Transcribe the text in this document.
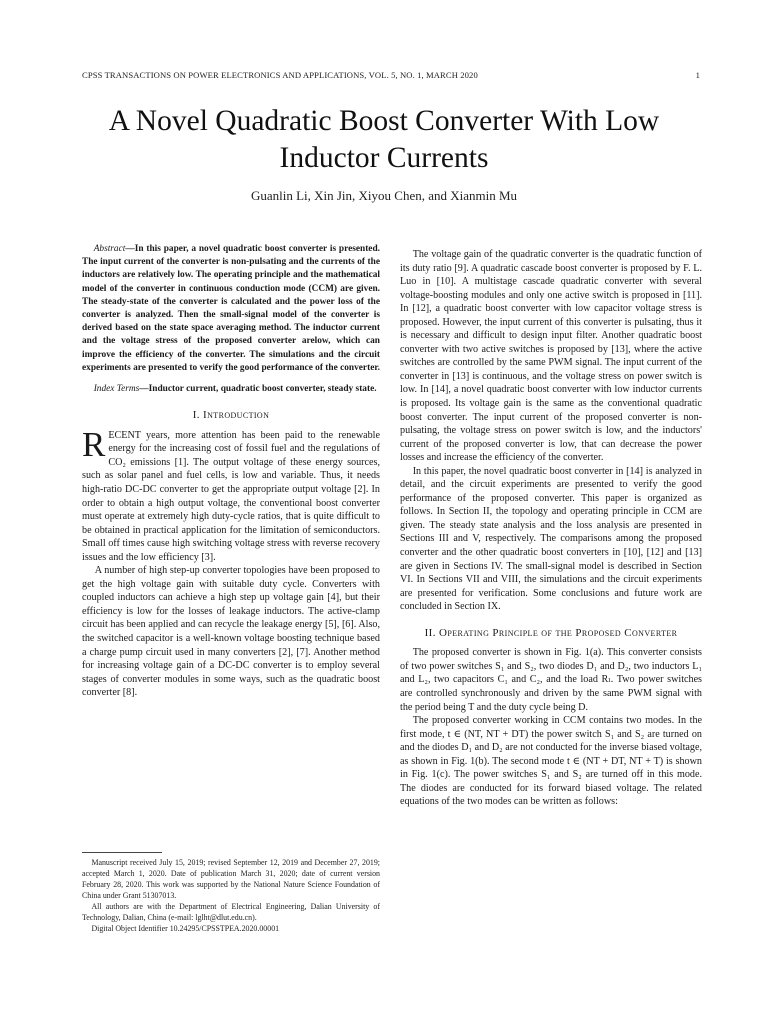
CPSS TRANSACTIONS ON POWER ELECTRONICS AND APPLICATIONS, VOL. 5, NO. 1, MARCH 2020	1
A Novel Quadratic Boost Converter With Low
Inductor Currents
Guanlin Li, Xin Jin, Xiyou Chen, and Xianmin Mu

Abstract—In this paper, a novel quadratic boost converter is presented. The input current of the converter is non-pulsating and the currents of the inductors are relatively low. The operating principle and the mathematical model of the converter in continuous conduction mode (CCM) are given. The steady-state of the converter is calculated and the power loss of the converter is analyzed. Then the small-signal model of the converter is derived based on the state space averaging method. The inductor current and the voltage stress of the proposed converter arelow, which can improve the efficiency of the converter. The simulations and the circuit experiments are presented to verify the good performance of the converter.

Index Terms—Inductor current, quadratic boost converter, steady state.

I. Introduction

RECENT years, more attention has been paid to the renewable energy for the increasing cost of fossil fuel and the regulations of CO₂ emissions [1]. The output voltage of these energy sources, such as solar panel and fuel cells, is low and variable. Thus, it needs high-ratio DC-DC converter to get the appropriate output voltage [2]. In order to obtain a high output voltage, the conventional boost converter must operate at extremely high duty-cycle ratios, that is quite difficult to be obtained in practical application for the limitation of semiconductors. Small off times cause high switching voltage stress with reverse recovery issues and the low efficiency [3].

A number of high step-up converter topologies have been proposed to get the high voltage gain with suitable duty cycle. Converters with coupled inductors can achieve a high step up voltage gain [4], but their efficiency is low for the losses of leakage inductors. The active-clamp circuit has been applied and can recycle the leakage energy [5], [6]. Also, the switched capacitor is a well-known voltage boosting technique based a charge pump circuit used in many converters [2], [7]. Another method for increasing voltage gain of a DC-DC converter is to employ several stages of converter modules in some ways, such as the quadratic boost converter [8].

Manuscript received July 15, 2019; revised September 12, 2019 and December 27, 2019; accepted March 1, 2020. Date of publication March 31, 2020; date of current version February 28, 2020. This work was supported by the National Nature Science Foundation of China under Grant 51307013.

All authors are with the Department of Electrical Engineering, Dalian University of Technology, Dalian, China (e-mail: lglht@dlut.edu.cn).

Digital Object Identifier 10.24295/CPSSTPEA.2020.00001

The voltage gain of the quadratic converter is the quadratic function of its duty ratio [9]. A quadratic cascade boost converter is proposed by F. L. Luo in [10]. A multistage cascade quadratic converter with several voltage-boosting modules and only one active switch is proposed in [11]. In [12], a quadratic boost converter with low capacitor voltage stress is proposed. However, the input current of this converter is pulsating, thus it is necessary and difficult to design input filter. Another quadratic boost converter with two active switches is proposed by [13], where the active switches are controlled by the same PWM signal. The input current of the converter in [13] is continuous, and the voltage stress on power switch is low. In [14], a novel quadratic boost converter with low inductor currents is proposed. Its voltage gain is the same as the conventional quadratic boost converter. The input current of the proposed converter is non-pulsating, the voltage stress on power switch is low, and the inductors' current of the proposed converter is low, that can decrease the power losses and increase the efficiency of the converter.

In this paper, the novel quadratic boost converter in [14] is analyzed in detail, and the circuit experiments are presented to verify the good performance of the proposed converter. This paper is organized as follows. In Section II, the topology and operating principle in CCM are given. The steady state analysis and the loss analysis are presented in Sections III and V, respectively. The comparisons among the proposed converter and the other quadratic boost converters in [10], [12] and [13] are given in Sections IV. The small-signal model is described in Section VI. In Sections VII and VIII, the simulations and the circuit experiments are presented for verification. Some conclusions and future work are concluded in Section IX.

II. Operating Principle of the Proposed Converter

The proposed converter is shown in Fig. 1(a). This converter consists of two power switches S₁ and S₂, two diodes D₁ and D₂, two inductors L₁ and L₂, two capacitors C₁ and C₂, and the load Rₗ. Two power switches are controlled synchronously and driven by the same PWM signal with the period being T and the duty cycle being D.

The proposed converter working in CCM contains two modes. In the first mode, t ∈ (NT, NT + DT) the power switch S₁ and S₂ are turned on and the diodes D₁ and D₂ are not conducted for the inverse biased voltage, as shown in Fig. 1(b). The second mode t ∈ (NT + DT, NT + T) is shown in Fig. 1(c). The power switches S₁ and S₂ are turned off in this mode. The diodes are conducted for its forward biased voltage. The related equations of the two modes can be written as follows:
